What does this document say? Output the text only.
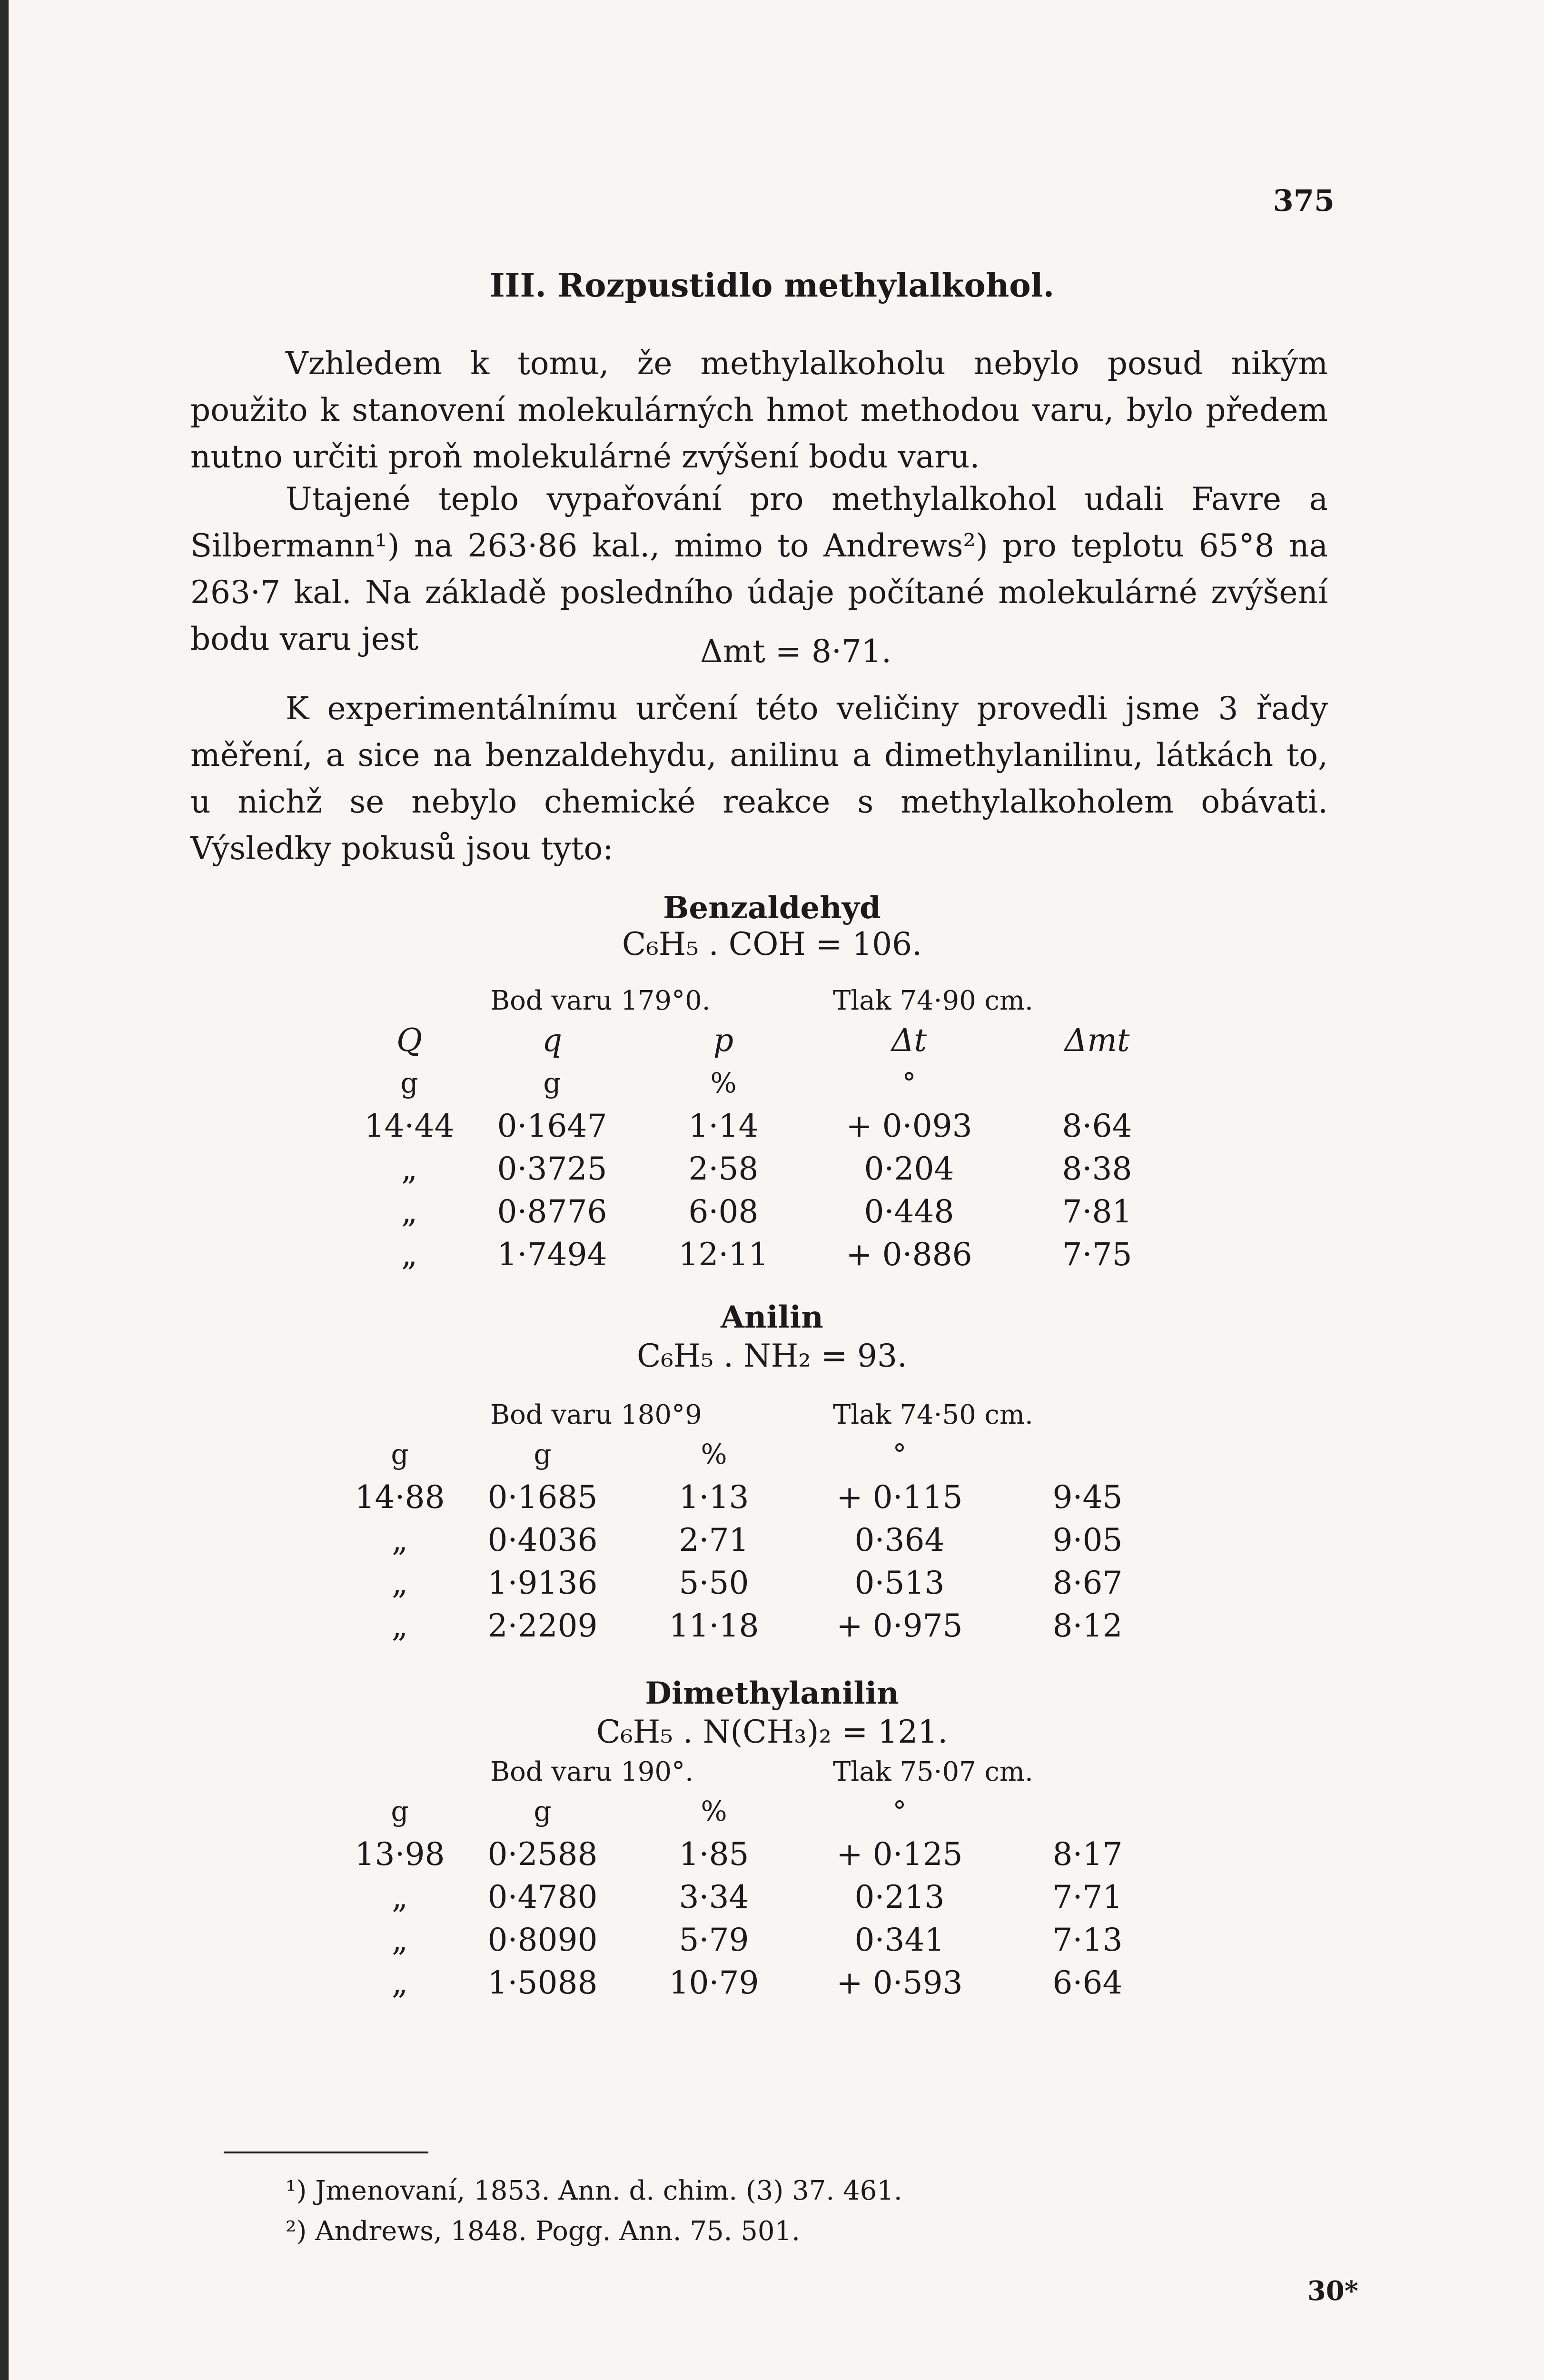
375
III. Rozpustidlo methylalkohol.
Vzhledem k tomu, že methylalkoholu nebylo posud nikým použito k stanovení molekulárných hmot methodou varu, bylo předem nutno určiti proň molekulárné zvýšení bodu varu.
Utajené teplo vypařování pro methylalkohol udali Favre a Silbermann¹) na 263·86 kal., mimo to Andrews²) pro teplotu 65°8 na 263·7 kal. Na základě posledního údaje počítané molekulárné zvýšení bodu varu jest	Δmt = 8·71.
K experimentálnímu určení této veličiny provedli jsme 3 řady měření, a sice na benzaldehydu, anilinu a dimethylanilinu, látkách to, u nichž se nebylo chemické reakce s methylalkoholem obávati. Výsledky pokusů jsou tyto:
Benzaldehyd
C₆H₅ . COH = 106.
Bod varu 179°0.	Tlak 74·90 cm.
Q	q	p	Δt	Δmt
g	g	%	°	
14·44	0·1647	1·14	+ 0·093	8·64
„	0·3725	2·58	0·204	8·38
„	0·8776	6·08	0·448	7·81
„	1·7494	12·11	+ 0·886	7·75
Anilin
C₆H₅ . NH₂ = 93.
Bod varu 180°9	Tlak 74·50 cm.
g	g	%	°	
14·88	0·1685	1·13	+ 0·115	9·45
„	0·4036	2·71	0·364	9·05
„	1·9136	5·50	0·513	8·67
„	2·2209	11·18	+ 0·975	8·12
Dimethylanilin
C₆H₅ . N(CH₃)₂ = 121.
Bod varu 190°.	Tlak 75·07 cm.
g	g	%	°	
13·98	0·2588	1·85	+ 0·125	8·17
„	0·4780	3·34	0·213	7·71
„	0·8090	5·79	0·341	7·13
„	1·5088	10·79	+ 0·593	6·64
¹) Jmenovaní, 1853. Ann. d. chim. (3) 37. 461.
²) Andrews, 1848. Pogg. Ann. 75. 501.
30*
